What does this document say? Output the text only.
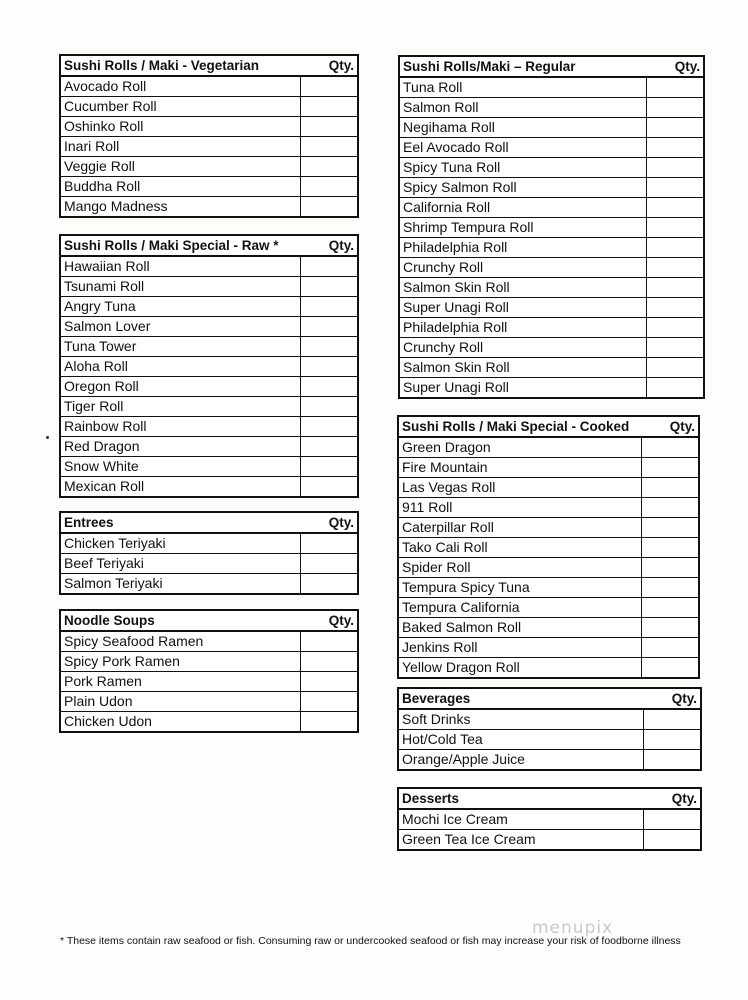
Sushi Rolls / Maki - Vegetarian	Qty.
Avocado Roll
Cucumber Roll
Oshinko Roll
Inari Roll
Veggie Roll
Buddha Roll
Mango Madness
Sushi Rolls / Maki Special - Raw *	Qty.
Hawaiian Roll
Tsunami Roll
Angry Tuna
Salmon Lover
Tuna Tower
Aloha Roll
Oregon Roll
Tiger Roll
Rainbow Roll
Red Dragon
Snow White
Mexican Roll
Entrees	Qty.
Chicken Teriyaki
Beef Teriyaki
Salmon Teriyaki
Noodle Soups	Qty.
Spicy Seafood Ramen
Spicy Pork Ramen
Pork Ramen
Plain Udon
Chicken Udon
Sushi Rolls/Maki – Regular	Qty.
Tuna Roll
Salmon Roll
Negihama Roll
Eel Avocado Roll
Spicy Tuna Roll
Spicy Salmon Roll
California Roll
Shrimp Tempura Roll
Philadelphia Roll
Crunchy Roll
Salmon Skin Roll
Super Unagi Roll
Philadelphia Roll
Crunchy Roll
Salmon Skin Roll
Super Unagi Roll
Sushi Rolls / Maki Special - Cooked	Qty.
Green Dragon
Fire Mountain
Las Vegas Roll
911 Roll
Caterpillar Roll
Tako Cali Roll
Spider Roll
Tempura Spicy Tuna
Tempura California
Baked Salmon Roll
Jenkins Roll
Yellow Dragon Roll
Beverages	Qty.
Soft Drinks
Hot/Cold Tea
Orange/Apple Juice
Desserts	Qty.
Mochi Ice Cream
Green Tea Ice Cream
menupix
* These items contain raw seafood or fish. Consuming raw or undercooked seafood or fish may increase your risk of foodborne illness
